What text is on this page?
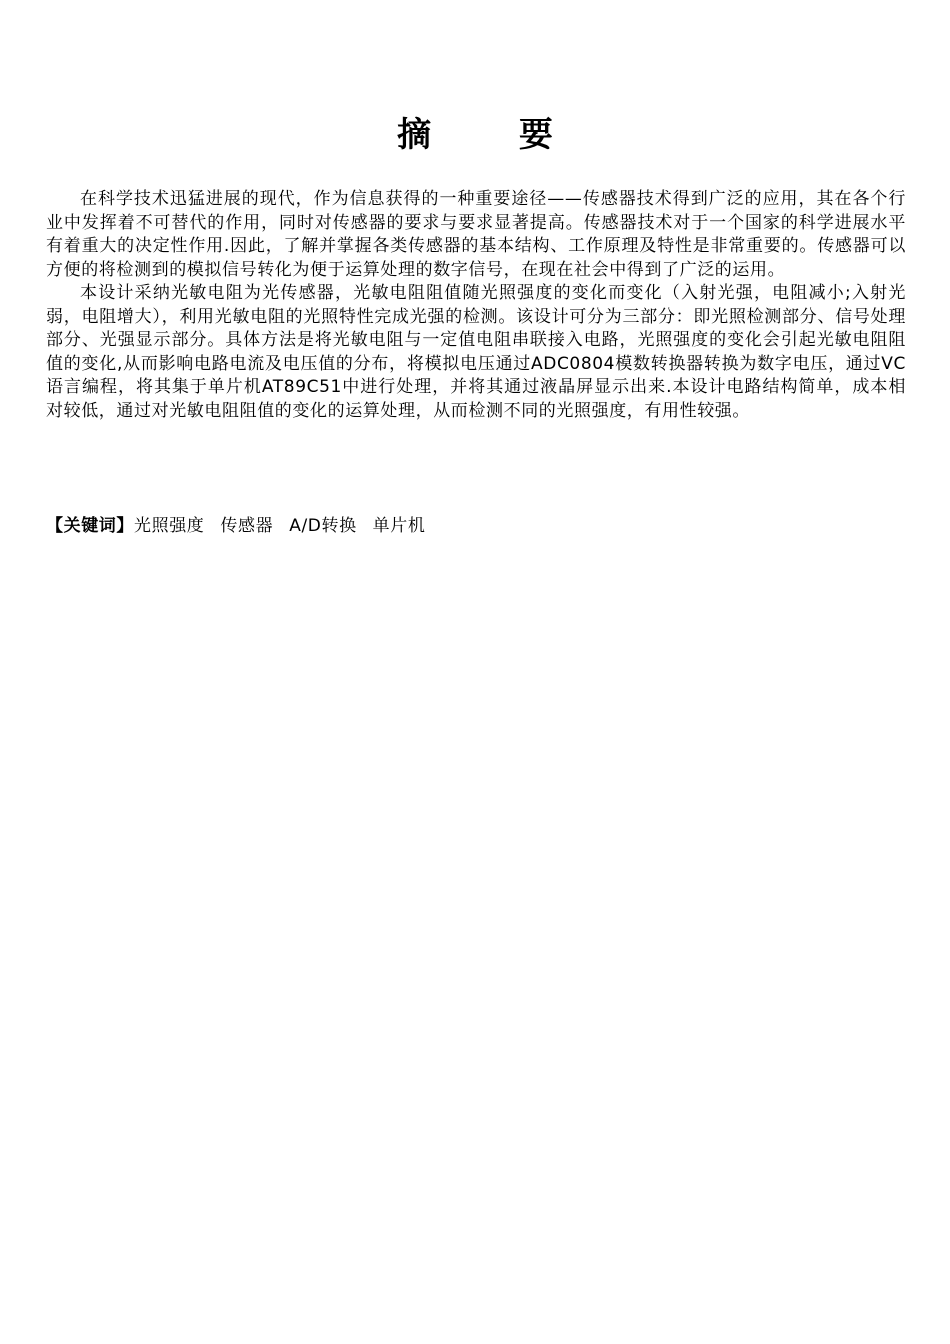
摘 要

在科学技术迅猛进展的现代，作为信息获得的一种重要途径——传感器技术得到广泛的应用，其在各个行业中发挥着不可替代的作用，同时对传感器的要求与要求显著提高。传感器技术对于一个国家的科学进展水平有着重大的决定性作用.因此，了解并掌握各类传感器的基本结构、工作原理及特性是非常重要的。传感器可以方便的将检测到的模拟信号转化为便于运算处理的数字信号，在现在社会中得到了广泛的运用。

本设计采纳光敏电阻为光传感器，光敏电阻阻值随光照强度的变化而变化（入射光强，电阻减小;入射光弱，电阻增大），利用光敏电阻的光照特性完成光强的检测。该设计可分为三部分：即光照检测部分、信号处理部分、光强显示部分。具体方法是将光敏电阻与一定值电阻串联接入电路，光照强度的变化会引起光敏电阻阻值的变化,从而影响电路电流及电压值的分布，将模拟电压通过ADC0804模数转换器转换为数字电压，通过VC语言编程，将其集于单片机AT89C51中进行处理，并将其通过液晶屏显示出来.本设计电路结构简单，成本相对较低，通过对光敏电阻阻值的变化的运算处理，从而检测不同的光照强度，有用性较强。

【关键词】光照强度 传感器 A/D转换 单片机
